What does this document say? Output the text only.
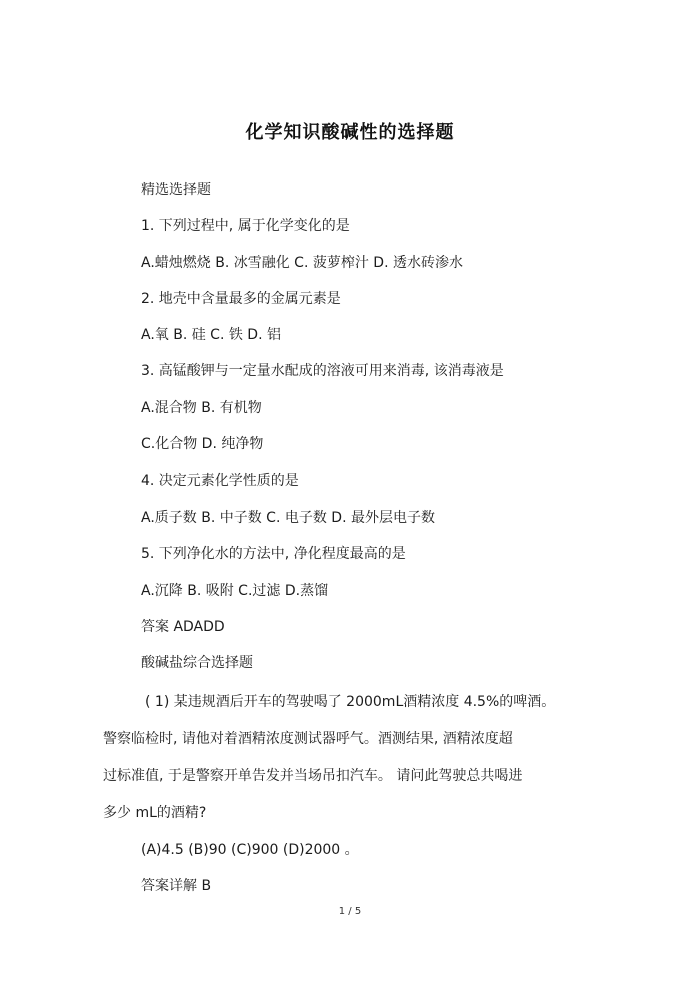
化学知识酸碱性的选择题
精选选择题
1. 下列过程中, 属于化学变化的是
A.蜡烛燃烧 B. 冰雪融化 C. 菠萝榨汁 D. 透水砖渗水
2. 地壳中含量最多的金属元素是
A.氧 B. 硅 C. 铁 D. 铝
3. 高锰酸钾与一定量水配成的溶液可用来消毒, 该消毒液是
A.混合物 B. 有机物
C.化合物 D. 纯净物
4. 决定元素化学性质的是
A.质子数 B. 中子数 C. 电子数 D. 最外层电子数
5. 下列净化水的方法中, 净化程度最高的是
A.沉降 B. 吸附 C.过滤 D.蒸馏
答案 ADADD
酸碱盐综合选择题
( 1) 某违规酒后开车的驾驶喝了 2000mL酒精浓度 4.5%的啤酒。
警察临检时, 请他对着酒精浓度测试器呼气。酒测结果, 酒精浓度超
过标准值, 于是警察开单告发并当场吊扣汽车。 请问此驾驶总共喝进
多少 mL的酒精?
(A)4.5 (B)90 (C)900 (D)2000 。
答案详解 B
1 / 5
